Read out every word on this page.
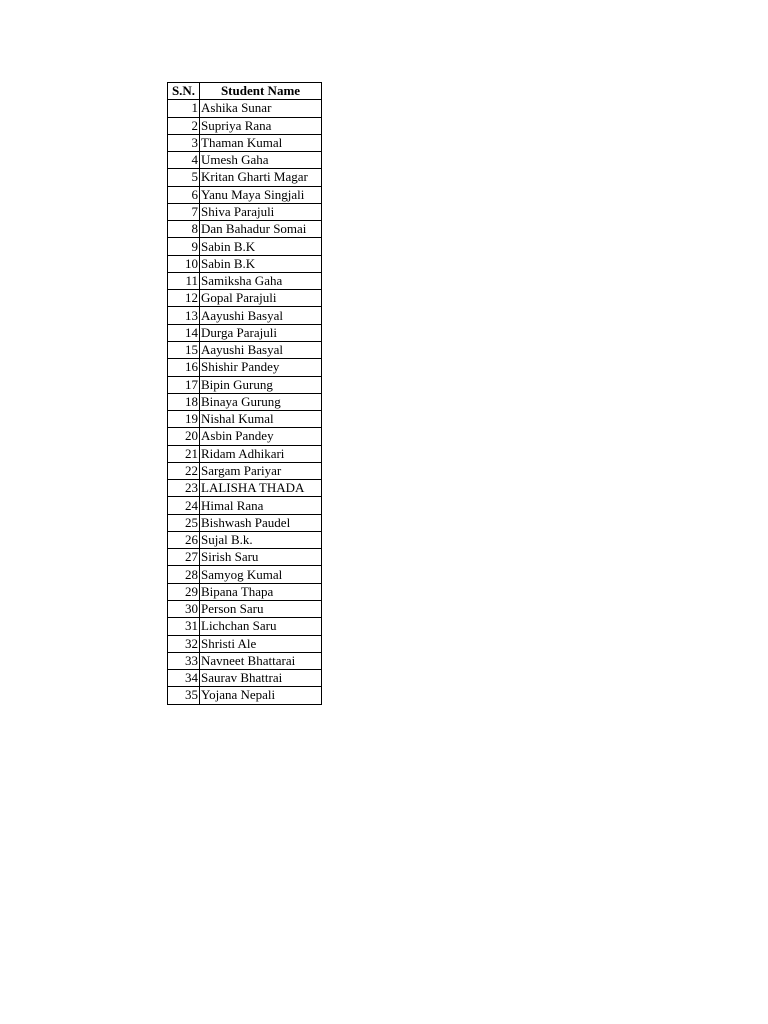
S.N.	Student Name
1	Ashika Sunar
2	Supriya Rana
3	Thaman Kumal
4	Umesh Gaha
5	Kritan Gharti Magar
6	Yanu Maya Singjali
7	Shiva Parajuli
8	Dan Bahadur Somai
9	Sabin B.K
10	Sabin B.K
11	Samiksha Gaha
12	Gopal Parajuli
13	Aayushi Basyal
14	Durga Parajuli
15	Aayushi Basyal
16	Shishir Pandey
17	Bipin Gurung
18	Binaya Gurung
19	Nishal Kumal
20	Asbin Pandey
21	Ridam Adhikari
22	Sargam Pariyar
23	LALISHA THADA
24	Himal Rana
25	Bishwash Paudel
26	Sujal B.k.
27	Sirish Saru
28	Samyog Kumal
29	Bipana Thapa
30	Person Saru
31	Lichchan Saru
32	Shristi Ale
33	Navneet Bhattarai
34	Saurav Bhattrai
35	Yojana Nepali
